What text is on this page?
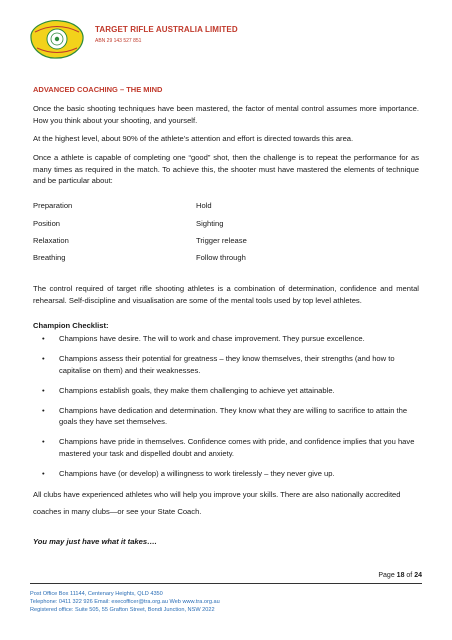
TARGET RIFLE AUSTRALIA LIMITED
ABN 29 143 527 851
ADVANCED COACHING – THE MIND

Once the basic shooting techniques have been mastered, the factor of mental control assumes more importance. How you think about your shooting, and yourself.

At the highest level, about 90% of the athlete’s attention and effort is directed towards this area.

Once a athlete is capable of completing one “good” shot, then the challenge is to repeat the performance for as many times as required in the match. To achieve this, the shooter must have mastered the elements of technique and be particular about:

Preparation	Hold
Position	Sighting
Relaxation	Trigger release
Breathing	Follow through

The control required of target rifle shooting athletes is a combination of determination, confidence and mental rehearsal. Self-discipline and visualisation are some of the mental tools used by top level athletes.

Champion Checklist:
• Champions have desire. The will to work and chase improvement. They pursue excellence.
• Champions assess their potential for greatness – they know themselves, their strengths (and how to capitalise on them) and their weaknesses.
• Champions establish goals, they make them challenging to achieve yet attainable.
• Champions have dedication and determination. They know what they are willing to sacrifice to attain the goals they have set themselves.
• Champions have pride in themselves. Confidence comes with pride, and confidence implies that you have mastered your task and dispelled doubt and anxiety.
• Champions have (or develop) a willingness to work tirelessly – they never give up.

All clubs have experienced athletes who will help you improve your skills. There are also nationally accredited coaches in many clubs—or see your State Coach.

You may just have what it takes….
Page 18 of 24
Post Office Box 11144, Centenary Heights, QLD 4350
Telephone: 0411 322 926 Email: execofficer@tra.org.au Web www.tra.org.au
Registered office: Suite 505, 55 Grafton Street, Bondi Junction, NSW 2022
